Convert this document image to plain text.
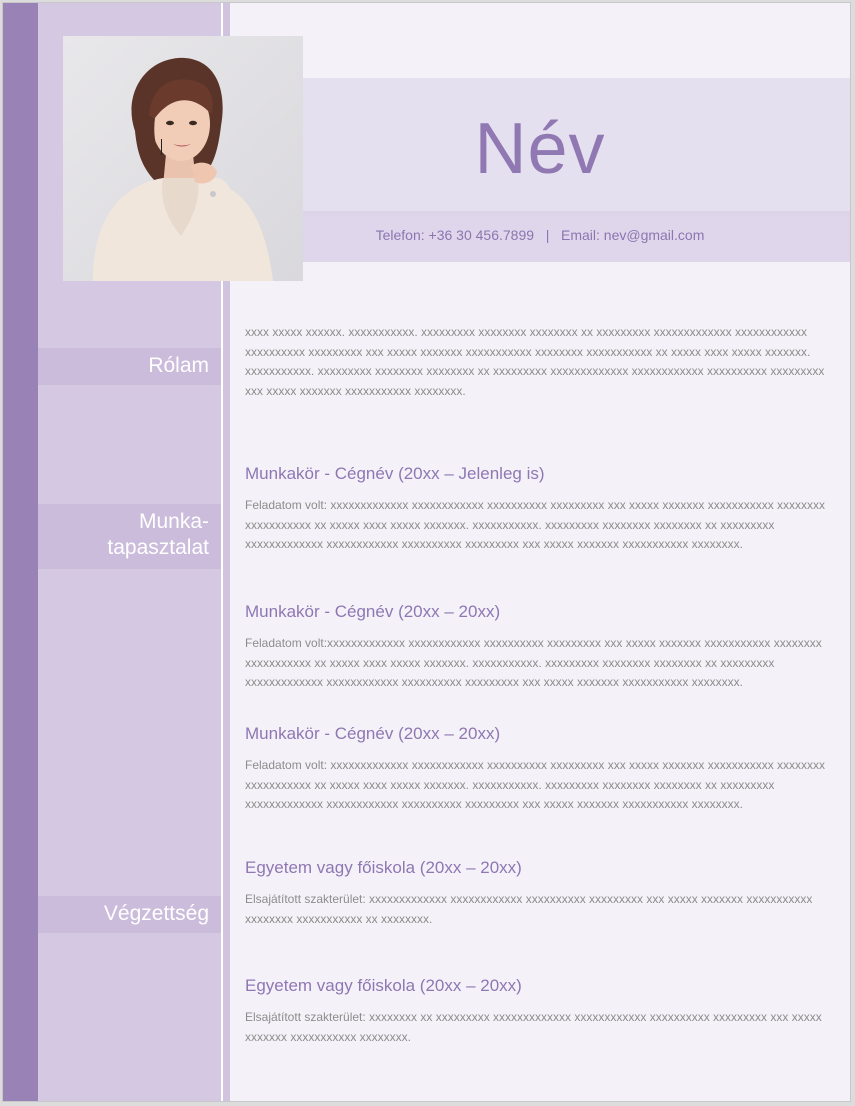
Rólam
Munka-
tapasztalat
Végzettség
Név
Telefon: +36 30 456.7899   |   Email: nev@gmail.com

xxxx xxxxx xxxxxx. xxxxxxxxxxx. xxxxxxxxx xxxxxxxx xxxxxxxx xx xxxxxxxxx xxxxxxxxxxxxx xxxxxxxxxxxx xxxxxxxxxx xxxxxxxxx xxx xxxxx xxxxxxx xxxxxxxxxxx xxxxxxxx xxxxxxxxxxx xx xxxxx xxxx xxxxx xxxxxxx. xxxxxxxxxxx. xxxxxxxxx xxxxxxxx xxxxxxxx xx xxxxxxxxx xxxxxxxxxxxxx xxxxxxxxxxxx xxxxxxxxxx xxxxxxxxx xxx xxxxx xxxxxxx xxxxxxxxxxx xxxxxxxx.

Munkakör - Cégnév (20xx – Jelenleg is)

Feladatom volt: xxxxxxxxxxxxx xxxxxxxxxxxx xxxxxxxxxx xxxxxxxxx xxx xxxxx xxxxxxx xxxxxxxxxxx xxxxxxxx xxxxxxxxxxx xx xxxxx xxxx xxxxx xxxxxxx. xxxxxxxxxxx. xxxxxxxxx xxxxxxxx xxxxxxxx xx xxxxxxxxx xxxxxxxxxxxxx xxxxxxxxxxxx xxxxxxxxxx xxxxxxxxx xxx xxxxx xxxxxxx xxxxxxxxxxx xxxxxxxx.

Munkakör - Cégnév (20xx – 20xx)

Feladatom volt:xxxxxxxxxxxxx xxxxxxxxxxxx xxxxxxxxxx xxxxxxxxx xxx xxxxx xxxxxxx xxxxxxxxxxx xxxxxxxx xxxxxxxxxxx xx xxxxx xxxx xxxxx xxxxxxx. xxxxxxxxxxx. xxxxxxxxx xxxxxxxx xxxxxxxx xx xxxxxxxxx xxxxxxxxxxxxx xxxxxxxxxxxx xxxxxxxxxx xxxxxxxxx xxx xxxxx xxxxxxx xxxxxxxxxxx xxxxxxxx.

Munkakör - Cégnév (20xx – 20xx)

Feladatom volt: xxxxxxxxxxxxx xxxxxxxxxxxx xxxxxxxxxx xxxxxxxxx xxx xxxxx xxxxxxx xxxxxxxxxxx xxxxxxxx xxxxxxxxxxx xx xxxxx xxxx xxxxx xxxxxxx. xxxxxxxxxxx. xxxxxxxxx xxxxxxxx xxxxxxxx xx xxxxxxxxx xxxxxxxxxxxxx xxxxxxxxxxxx xxxxxxxxxx xxxxxxxxx xxx xxxxx xxxxxxx xxxxxxxxxxx xxxxxxxx.

Egyetem vagy főiskola (20xx – 20xx)

Elsajátított szakterület: xxxxxxxxxxxxx xxxxxxxxxxxx xxxxxxxxxx xxxxxxxxx xxx xxxxx xxxxxxx xxxxxxxxxxx xxxxxxxx xxxxxxxxxxx xx xxxxxxxx.

Egyetem vagy főiskola (20xx – 20xx)

Elsajátított szakterület: xxxxxxxx xx xxxxxxxxx xxxxxxxxxxxxx xxxxxxxxxxxx xxxxxxxxxx xxxxxxxxx xxx xxxxx xxxxxxx xxxxxxxxxxx xxxxxxxx.
